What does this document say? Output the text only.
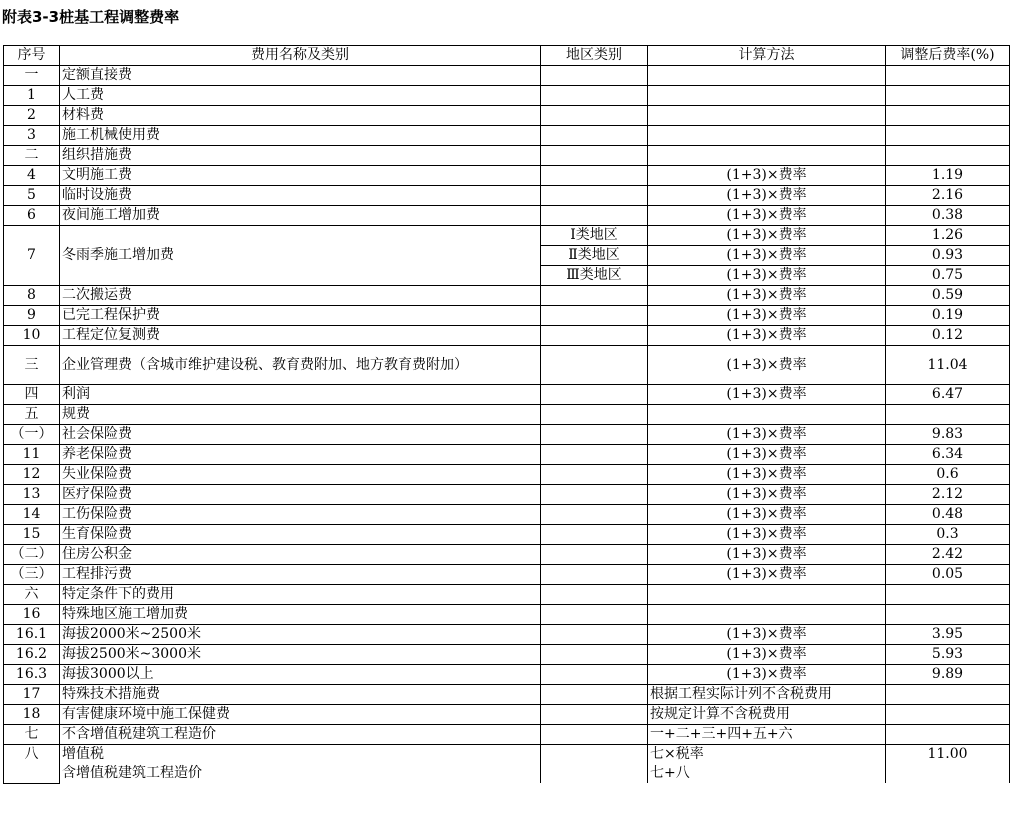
附表3-3桩基工程调整费率
序号	费用名称及类别	地区类别	计算方法	调整后费率(%)
一	定额直接费			
1	人工费			
2	材料费			
3	施工机械使用费			
二	组织措施费			
4	文明施工费		(1+3)×费率	1.19
5	临时设施费		(1+3)×费率	2.16
6	夜间施工增加费		(1+3)×费率	0.38
7	冬雨季施工增加费	I类地区	(1+3)×费率	1.26
		Ⅱ类地区	(1+3)×费率	0.93
		Ⅲ类地区	(1+3)×费率	0.75
8	二次搬运费		(1+3)×费率	0.59
9	已完工程保护费		(1+3)×费率	0.19
10	工程定位复测费		(1+3)×费率	0.12
三	企业管理费（含城市维护建设税、教育费附加、地方教育费附加）		(1+3)×费率	11.04
四	利润		(1+3)×费率	6.47
五	规费			
（一）	社会保险费		(1+3)×费率	9.83
11	养老保险费		(1+3)×费率	6.34
12	失业保险费		(1+3)×费率	0.6
13	医疗保险费		(1+3)×费率	2.12
14	工伤保险费		(1+3)×费率	0.48
15	生育保险费		(1+3)×费率	0.3
（二）	住房公积金		(1+3)×费率	2.42
（三）	工程排污费		(1+3)×费率	0.05
六	特定条件下的费用			
16	特殊地区施工增加费			
16.1	海拔2000米~2500米		(1+3)×费率	3.95
16.2	海拔2500米~3000米		(1+3)×费率	5.93
16.3	海拔3000以上		(1+3)×费率	9.89
17	特殊技术措施费		根据工程实际计列不含税费用	
18	有害健康环境中施工保健费		按规定计算不含税费用	
七	不含增值税建筑工程造价		一+二+三+四+五+六	
八	增值税		七×税率	11.00
	含增值税建筑工程造价		七+八	
